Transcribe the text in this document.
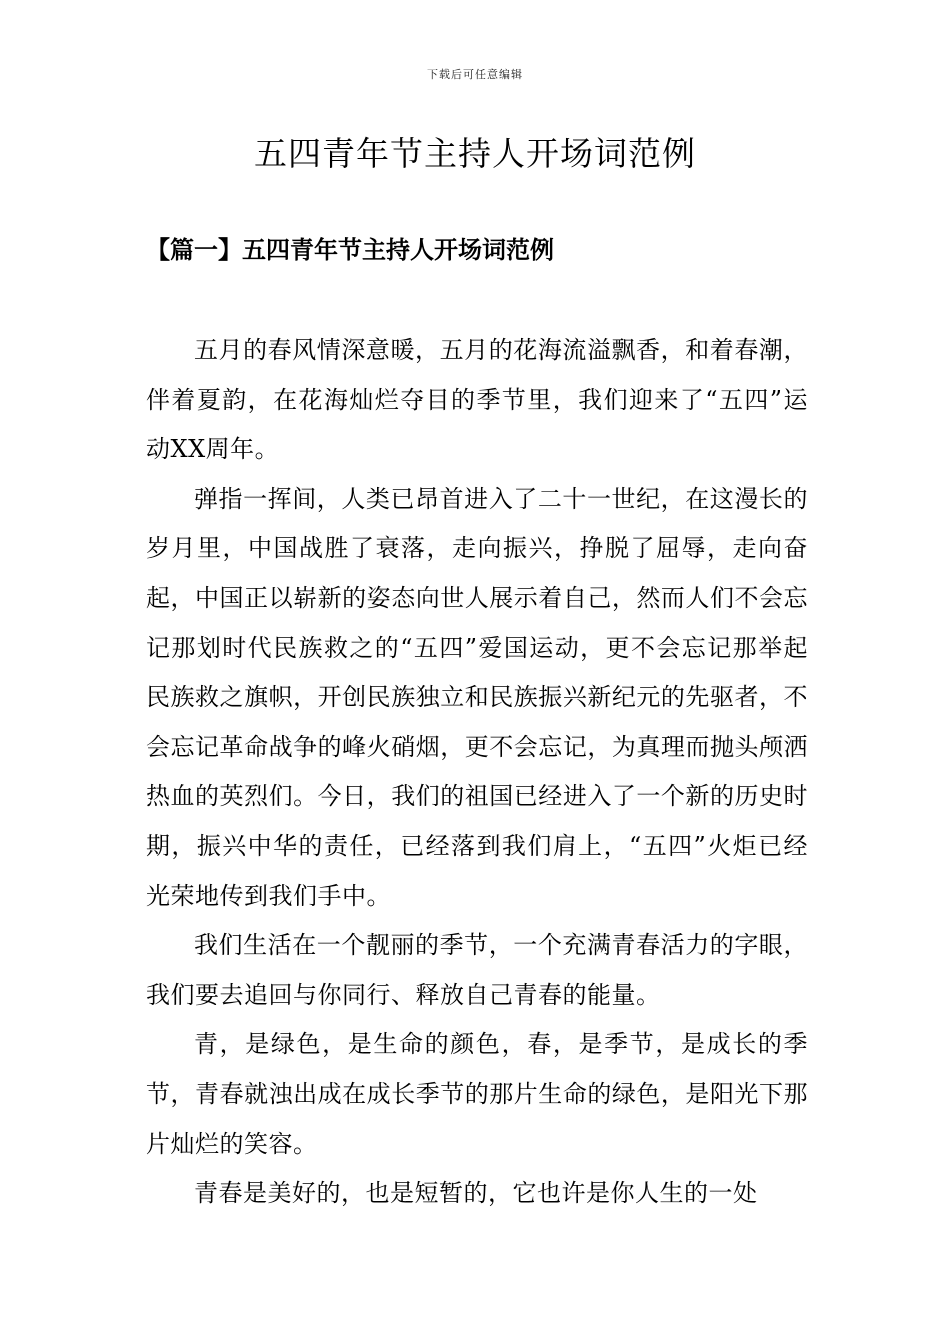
下载后可任意编辑
五四青年节主持人开场词范例
【篇一】五四青年节主持人开场词范例

五月的春风情深意暖，五月的花海流溢飘香，和着春潮，伴着夏韵，在花海灿烂夺目的季节里，我们迎来了“五四”运动XX周年。

弹指一挥间，人类已昂首进入了二十一世纪，在这漫长的岁月里，中国战胜了衰落，走向振兴，挣脱了屈辱，走向奋起，中国正以崭新的姿态向世人展示着自己，然而人们不会忘记那划时代民族救之的“五四”爱国运动，更不会忘记那举起民族救之旗帜，开创民族独立和民族振兴新纪元的先驱者，不会忘记革命战争的峰火硝烟，更不会忘记，为真理而抛头颅洒热血的英烈们。今日，我们的祖国已经进入了一个新的历史时期，振兴中华的责任，已经落到我们肩上，“五四”火炬已经光荣地传到我们手中。

我们生活在一个靓丽的季节，一个充满青春活力的字眼，我们要去追回与你同行、释放自己青春的能量。

青，是绿色，是生命的颜色，春，是季节，是成长的季节，青春就浊出成在成长季节的那片生命的绿色，是阳光下那片灿烂的笑容。

青春是美好的，也是短暂的，它也许是你人生的一处
